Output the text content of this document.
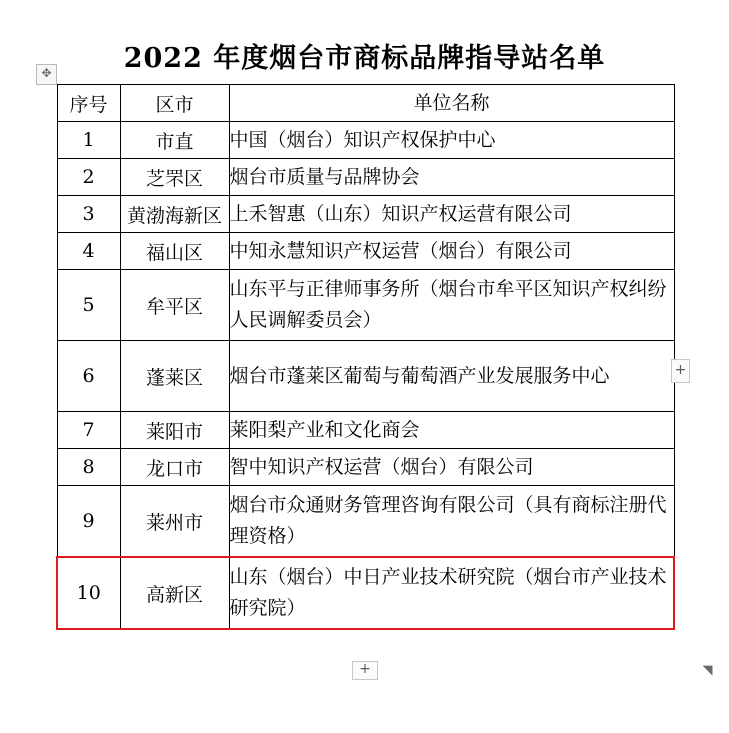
2022 年度烟台市商标品牌指导站名单
✥
序号	区市	单位名称
1	市直	中国（烟台）知识产权保护中心
2	芝罘区	烟台市质量与品牌协会
3	黄渤海新区	上禾智惠（山东）知识产权运营有限公司
4	福山区	中知永慧知识产权运营（烟台）有限公司
5	牟平区	山东平与正律师事务所（烟台市牟平区知识产权纠纷人民调解委员会）
6	蓬莱区	烟台市蓬莱区葡萄与葡萄酒产业发展服务中心
7	莱阳市	莱阳梨产业和文化商会
8	龙口市	智中知识产权运营（烟台）有限公司
9	莱州市	烟台市众通财务管理咨询有限公司（具有商标注册代理资格）
10	高新区	山东（烟台）中日产业技术研究院（烟台市产业技术研究院）
+
+	◥
